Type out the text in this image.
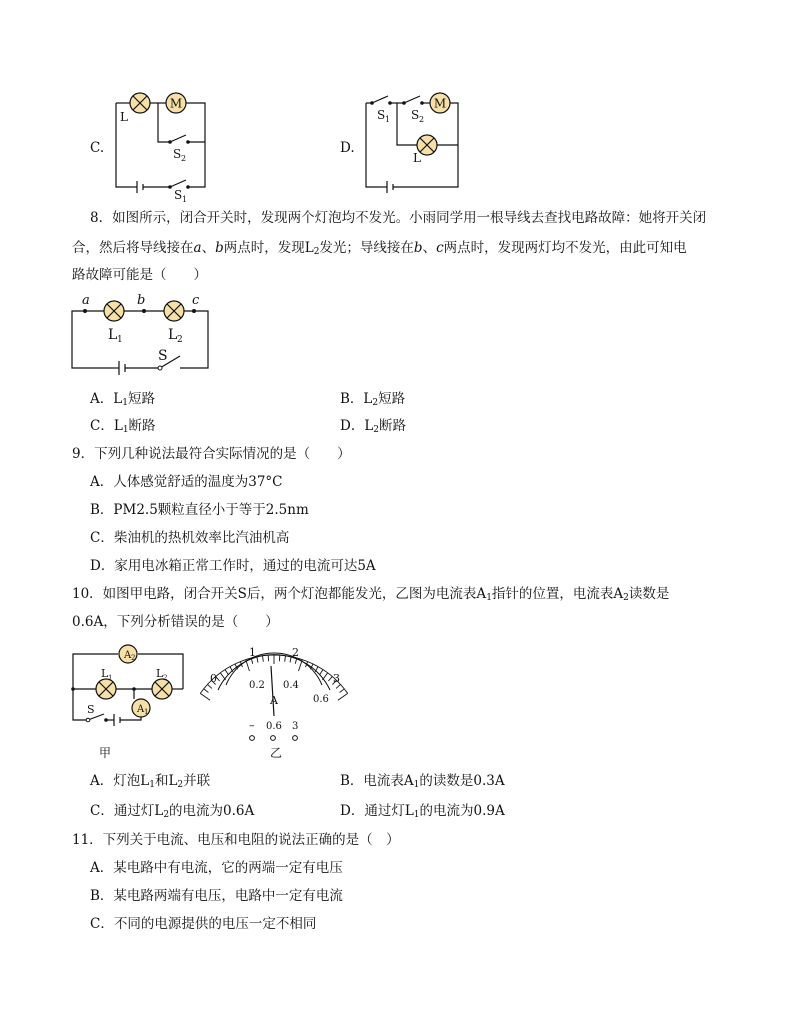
C.
M
L
S 2
S 1
D.
M
S 1 S 2
L
8．如图所示，闭合开关时，发现两个灯泡均不发光。小雨同学用一根导线去查找电路故障：她将开关闭
合，然后将导线接在a、b两点时，发现$L_2$发光；导线接在b、c两点时，发现两灯均不发光，由此可知电
路故障可能是（　　）
a	b	c
L 1	L 2
S
A．$L_1$短路	B．$L_2$短路
C．$L_1$断路	D．$L_2$断路
9．下列几种说法最符合实际情况的是（　　）
A．人体感觉舒适的温度为37°C
B．PM2.5颗粒直径小于等于2.5nm
C．柴油机的热机效率比汽油机高
D．家用电冰箱正常工作时，通过的电流可达5A
10．如图甲电路，闭合开关S后，两个灯泡都能发光，乙图为电流表$A_1$指针的位置，电流表$A_2$读数是
0.6A，下列分析错误的是（　　）
A 2
A 1
L 1	L 2
S
甲
0
1	2
3
0.2 0.4
0.6
A
– 0.6 3
乙
A．灯泡$L_1$和$L_2$并联	B．电流表$A_1$的读数是0.3A
C．通过灯$L_2$的电流为0.6A	D．通过灯$L_1$的电流为0.9A
11．下列关于电流、电压和电阻的说法正确的是（　）
A．某电路中有电流，它的两端一定有电压
B．某电路两端有电压，电路中一定有电流
C．不同的电源提供的电压一定不相同
